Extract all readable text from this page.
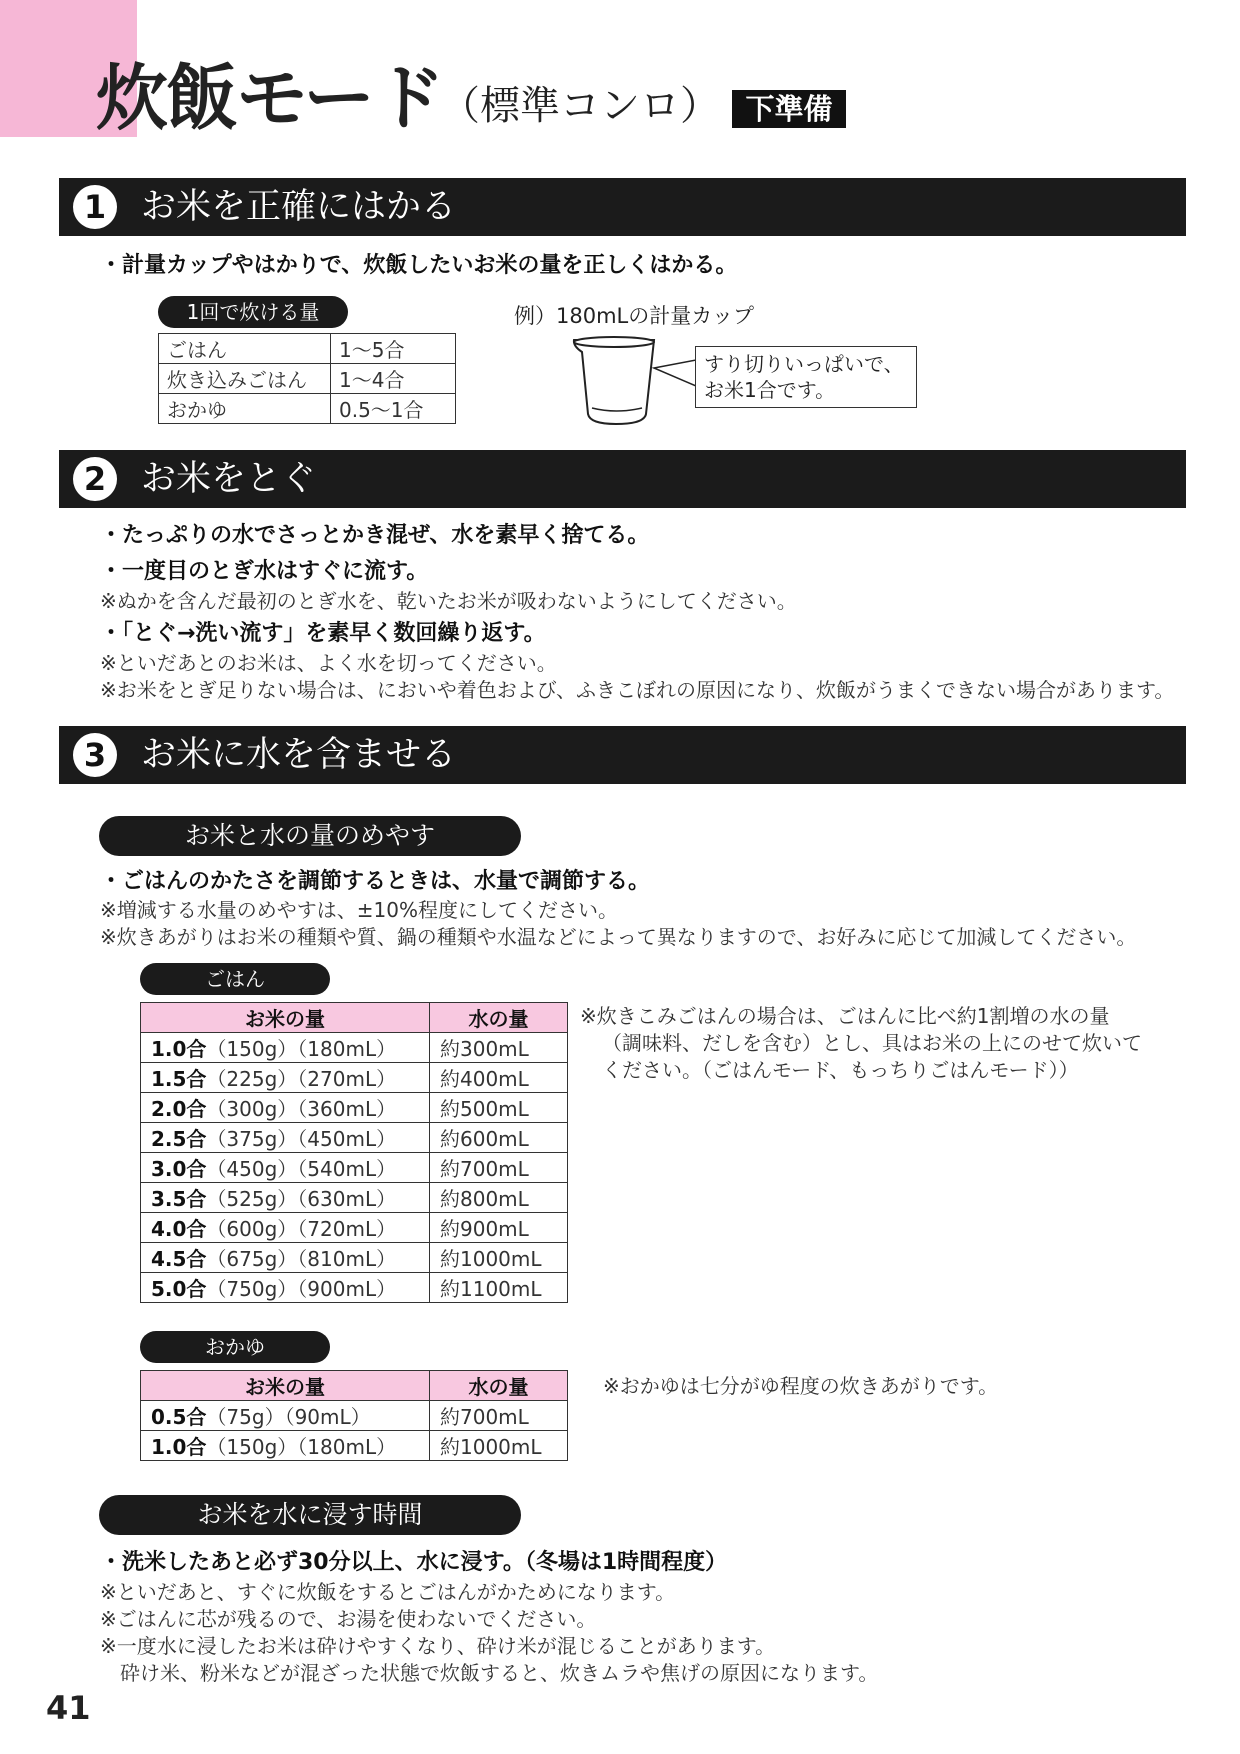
炊飯モード
（標準コンロ） 下準備
1 お米を正確にはかる
・計量カップやはかりで、炊飯したいお米の量を正しくはかる。
1回で炊ける量
ごはん	1〜5合
炊き込みごはん	1〜4合
おかゆ	0.5〜1合
例）180mLの計量カップ
すり切りいっぱいで、
お米1合です。
2 お米をとぐ
・たっぷりの水でさっとかき混ぜ、水を素早く捨てる。
・一度目のとぎ水はすぐに流す。
※ぬかを含んだ最初のとぎ水を、乾いたお米が吸わないようにしてください。
・「とぐ→洗い流す」を素早く数回繰り返す。
※といだあとのお米は、よく水を切ってください。
※お米をとぎ足りない場合は、においや着色および、ふきこぼれの原因になり、炊飯がうまくできない場合があります。
3 お米に水を含ませる
お米と水の量のめやす
・ごはんのかたさを調節するときは、水量で調節する。
※増減する水量のめやすは、±10%程度にしてください。
※炊きあがりはお米の種類や質、鍋の種類や水温などによって異なりますので、お好みに応じて加減してください。
ごはん
お米の量	水の量
1.0合（150g）（180mL）	約300mL
1.5合（225g）（270mL）	約400mL
2.0合（300g）（360mL）	約500mL
2.5合（375g）（450mL）	約600mL
3.0合（450g）（540mL）	約700mL
3.5合（525g）（630mL）	約800mL
4.0合（600g）（720mL）	約900mL
4.5合（675g）（810mL）	約1000mL
5.0合（750g）（900mL）	約1100mL
※炊きこみごはんの場合は、ごはんに比べ約1割増の水の量
（調味料、だしを含む）とし、具はお米の上にのせて炊いて
ください。（ごはんモード、もっちりごはんモード））
おかゆ
お米の量	水の量
0.5合（75g）（90mL）	約700mL
1.0合（150g）（180mL）	約1000mL
※おかゆは七分がゆ程度の炊きあがりです。
お米を水に浸す時間
・洗米したあと必ず30分以上、水に浸す。（冬場は1時間程度）
※といだあと、すぐに炊飯をするとごはんがかためになります。
※ごはんに芯が残るので、お湯を使わないでください。
※一度水に浸したお米は砕けやすくなり、砕け米が混じることがあります。
砕け米、粉米などが混ざった状態で炊飯すると、炊きムラや焦げの原因になります。
41
